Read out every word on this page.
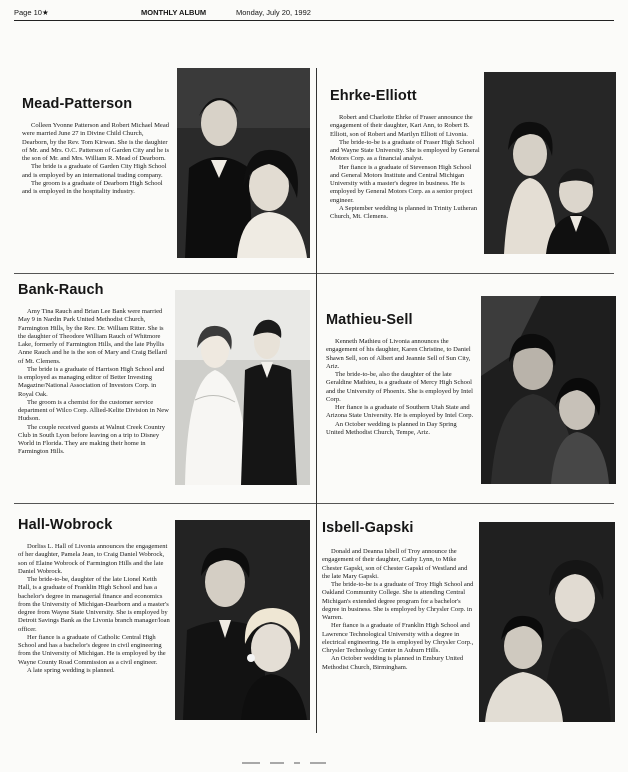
Page 10★	MONTHLY ALBUM	Monday, July 20, 1992
Mead-Patterson

Colleen Yvonne Patterson and Robert Michael Mead were married June 27 in Divine Child Church, Dearborn, by the Rev. Tom Kirwan. She is the daughter of Mr. and Mrs. O.C. Patterson of Garden City and he is the son of Mr. and Mrs. William R. Mead of Dearborn.

The bride is a graduate of Garden City High School and is employed by an international trading company.

The groom is a graduate of Dearborn High School and is employed in the hospitality industry.

Ehrke-Elliott

Robert and Charlotte Ehrke of Fraser announce the engagement of their daughter, Kari Ann, to Robert B. Elliott, son of Robert and Marilyn Elliott of Livonia.

The bride-to-be is a graduate of Fraser High School and Wayne State University. She is employed by General Motors Corp. as a financial analyst.

Her fiance is a graduate of Stevenson High School and General Motors Institute and Central Michigan University with a master's degree in business. He is employed by General Motors Corp. as a senior project engineer.

A September wedding is planned in Trinity Lutheran Church, Mt. Clemens.

Bank-Rauch

Amy Tina Rauch and Brian Lee Bank were married May 9 in Nardin Park United Methodist Church, Farmington Hills, by the Rev. Dr. William Ritter. She is the daughter of Theodore William Rauch of Whitmore Lake, formerly of Farmington Hills, and the late Phyllis Anne Rauch and he is the son of Mary and Craig Bellard of Mt. Clemens.

The bride is a graduate of Harrison High School and is employed as managing editor of Better Investing Magazine/National Association of Investors Corp. in Royal Oak.

The groom is a chemist for the customer service department of Wilco Corp. Allied-Kelite Division in New Hudson.

The couple received guests at Walnut Creek Country Club in South Lyon before leaving on a trip to Disney World in Florida. They are making their home in Farmington Hills.

Mathieu-Sell

Kenneth Mathieu of Livonia announces the engagement of his daughter, Karen Christine, to Daniel Shawn Sell, son of Albert and Jeannie Sell of Sun City, Ariz.

The bride-to-be, also the daughter of the late Geraldine Mathieu, is a graduate of Mercy High School and the University of Phoenix. She is employed by Intel Corp.

Her fiance is a graduate of Southern Utah State and Arizona State University. He is employed by Intel Corp.

An October wedding is planned in Day Spring United Methodist Church, Tempe, Ariz.

Hall-Wobrock

Dorliss L. Hall of Livonia announces the engagement of her daughter, Pamela Jean, to Craig Daniel Wobrock, son of Elaine Wobrock of Farmington Hills and the late Daniel Wobrock.

The bride-to-be, daughter of the late Lionel Keith Hall, is a graduate of Franklin High School and has a bachelor's degree in managerial finance and economics from the University of Michigan-Dearborn and a master's degree from Wayne State University. She is employed by Detroit Savings Bank as the Livonia branch manager/loan officer.

Her fiance is a graduate of Catholic Central High School and has a bachelor's degree in civil engineering from the University of Michigan. He is employed by the Wayne County Road Commission as a civil engineer.

A late spring wedding is planned.

Isbell-Gapski

Donald and Deanna Isbell of Troy announce the engagement of their daughter, Cathy Lynn, to Mike Chester Gapski, son of Chester Gapski of Westland and the late Mary Gapski.

The bride-to-be is a graduate of Troy High School and Oakland Community College. She is attending Central Michigan's extended degree program for a bachelor's degree in business. She is employed by Chrysler Corp. in Warren.

Her fiance is a graduate of Franklin High School and Lawrence Technological University with a degree in electrical engineering. He is employed by Chrysler Corp., Chrysler Technology Center in Auburn Hills.

An October wedding is planned in Embury United Methodist Church, Birmingham.
